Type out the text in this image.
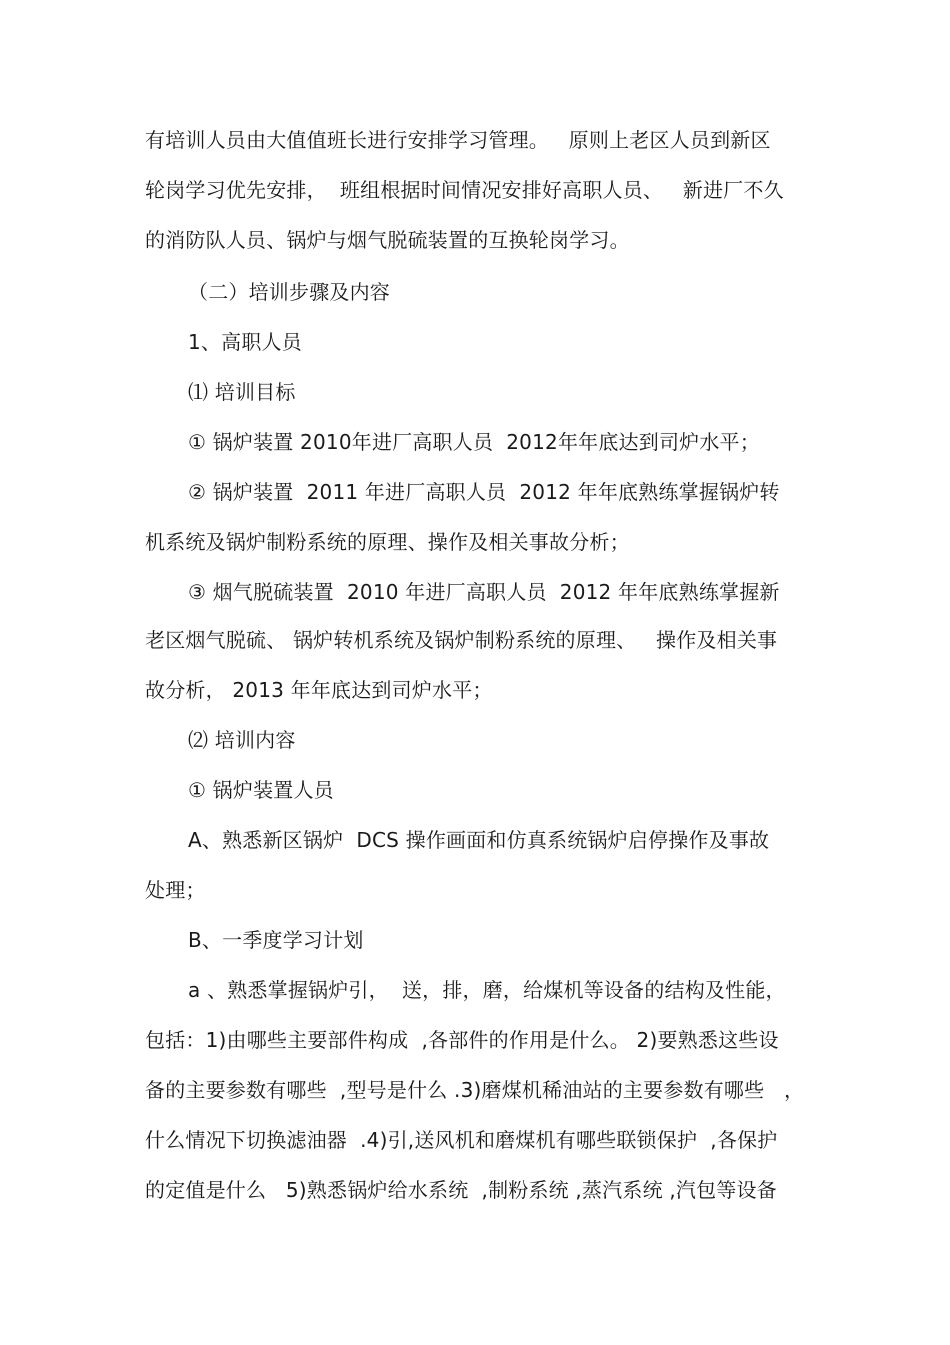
有培训人员由大值值班长进行安排学习管理。   原则上老区人员到新区
轮岗学习优先安排，  班组根据时间情况安排好高职人员、   新进厂不久
的消防队人员、锅炉与烟气脱硫装置的互换轮岗学习。
（二）培训步骤及内容
1、高职人员
⑴ 培训目标
① 锅炉装置 2010年进厂高职人员  2012年年底达到司炉水平；
② 锅炉装置  2011 年进厂高职人员  2012 年年底熟练掌握锅炉转
机系统及锅炉制粉系统的原理、操作及相关事故分析；
③ 烟气脱硫装置  2010 年进厂高职人员  2012 年年底熟练掌握新
老区烟气脱硫、 锅炉转机系统及锅炉制粉系统的原理、   操作及相关事
故分析， 2013 年年底达到司炉水平；
⑵ 培训内容
① 锅炉装置人员
A、熟悉新区锅炉  DCS 操作画面和仿真系统锅炉启停操作及事故
处理；
B、一季度学习计划
a 、熟悉掌握锅炉引，  送，排，磨，给煤机等设备的结构及性能，
包括：1)由哪些主要部件构成  ,各部件的作用是什么。 2)要熟悉这些设
备的主要参数有哪些  ,型号是什么 .3)磨煤机稀油站的主要参数有哪些   ，
什么情况下切换滤油器  .4)引,送风机和磨煤机有哪些联锁保护  ,各保护
的定值是什么   5)熟悉锅炉给水系统  ,制粉系统 ,蒸汽系统 ,汽包等设备
